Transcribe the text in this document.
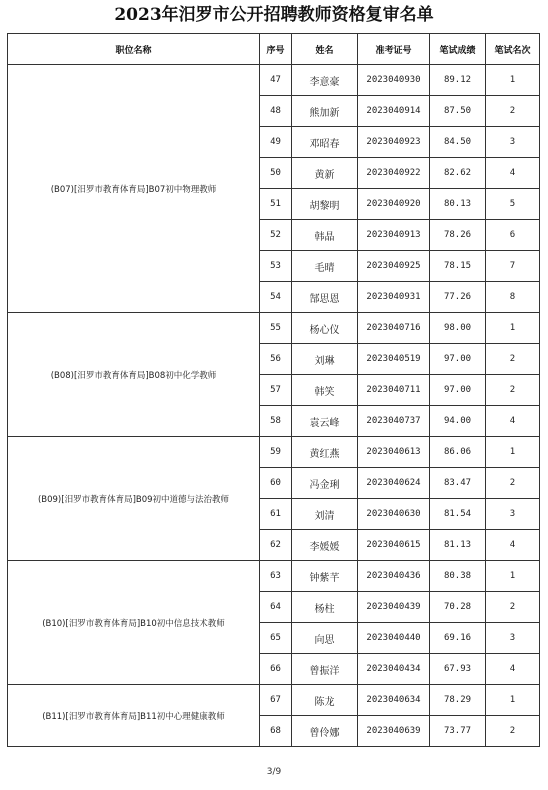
2023年汨罗市公开招聘教师资格复审名单
职位名称	序号	姓名	准考证号	笔试成绩	笔试名次
(B07)[汨罗市教育体育局]B07初中物理教师	47	李意豪	2023040930	89.12	1
	48	熊加新	2023040914	87.50	2
	49	邓昭春	2023040923	84.50	3
	50	黄新	2023040922	82.62	4
	51	胡黎明	2023040920	80.13	5
	52	韩晶	2023040913	78.26	6
	53	毛晴	2023040925	78.15	7
	54	郜思恩	2023040931	77.26	8
(B08)[汨罗市教育体育局]B08初中化学教师	55	杨心仪	2023040716	98.00	1
	56	刘琳	2023040519	97.00	2
	57	韩笑	2023040711	97.00	2
	58	袁云峰	2023040737	94.00	4
(B09)[汨罗市教育体育局]B09初中道德与法治教师	59	黄红燕	2023040613	86.06	1
	60	冯金琍	2023040624	83.47	2
	61	刘清	2023040630	81.54	3
	62	李媛媛	2023040615	81.13	4
(B10)[汨罗市教育体育局]B10初中信息技术教师	63	钟紫芊	2023040436	80.38	1
	64	杨柱	2023040439	70.28	2
	65	向思	2023040440	69.16	3
	66	曾振洋	2023040434	67.93	4
(B11)[汨罗市教育体育局]B11初中心理健康教师	67	陈龙	2023040634	78.29	1
	68	曾伶娜	2023040639	73.77	2
3/9
